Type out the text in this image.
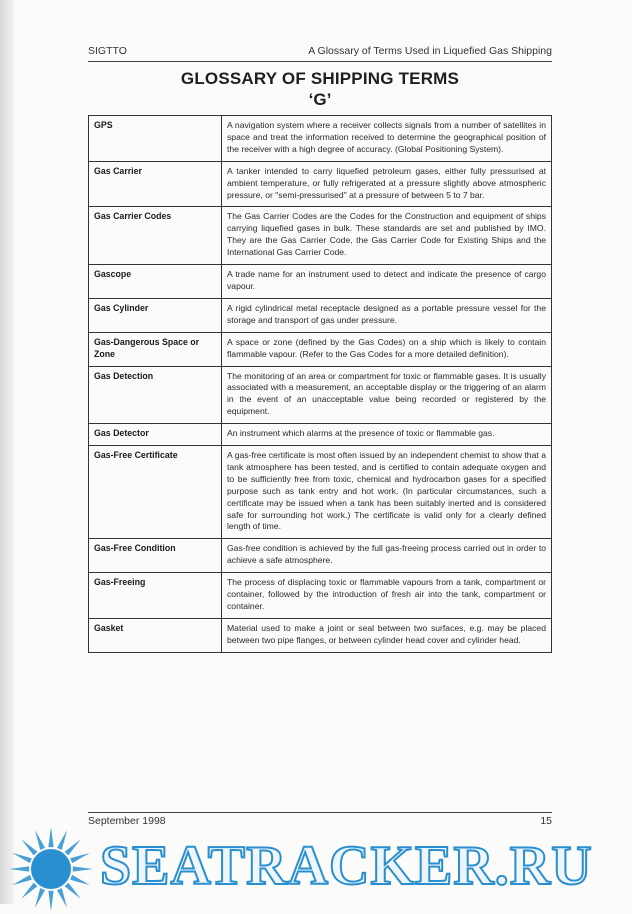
SIGTTO	A Glossary of Terms Used in Liquefied Gas Shipping
GLOSSARY OF SHIPPING TERMS
‘G’
GPS	A navigation system where a receiver collects signals from a number of satellites in space and treat the information received to determine the geographical position of the receiver with a high degree of accuracy. (Global Positioning System).
Gas Carrier	A tanker intended to carry liquefied petroleum gases, either fully pressurised at ambient temperature, or fully refrigerated at a pressure slightly above atmospheric pressure, or "semi-pressurised" at a pressure of between 5 to 7 bar.
Gas Carrier Codes	The Gas Carrier Codes are the Codes for the Construction and equipment of ships carrying liquefied gases in bulk. These standards are set and published by IMO. They are the Gas Carrier Code, the Gas Carrier Code for Existing Ships and the International Gas Carrier Code.
Gascope	A trade name for an instrument used to detect and indicate the presence of cargo vapour.
Gas Cylinder	A rigid cylindrical metal receptacle designed as a portable pressure vessel for the storage and transport of gas under pressure.
Gas-Dangerous Space or Zone	A space or zone (defined by the Gas Codes) on a ship which is likely to contain flammable vapour. (Refer to the Gas Codes for a more detailed definition).
Gas Detection	The monitoring of an area or compartment for toxic or flammable gases. It is usually associated with a measurement, an acceptable display or the triggering of an alarm in the event of an unacceptable value being recorded or registered by the equipment.
Gas Detector	An instrument which alarms at the presence of toxic or flammable gas.
Gas-Free Certificate	A gas-free certificate is most often issued by an independent chemist to show that a tank atmosphere has been tested, and is certified to contain adequate oxygen and to be sufficiently free from toxic, chemical and hydrocarbon gases for a specified purpose such as tank entry and hot work. (In particular circumstances, such a certificate may be issued when a tank has been suitably inerted and is considered safe for surrounding hot work.) The certificate is valid only for a clearly defined length of time.
Gas-Free Condition	Gas-free condition is achieved by the full gas-freeing process carried out in order to achieve a safe atmosphere.
Gas-Freeing	The process of displacing toxic or flammable vapours from a tank, compartment or container, followed by the introduction of fresh air into the tank, compartment or container.
Gasket	Material used to make a joint or seal between two surfaces, e.g. may be placed between two pipe flanges, or between cylinder head cover and cylinder head.
September 1998	15
SEATRACKER.RU
